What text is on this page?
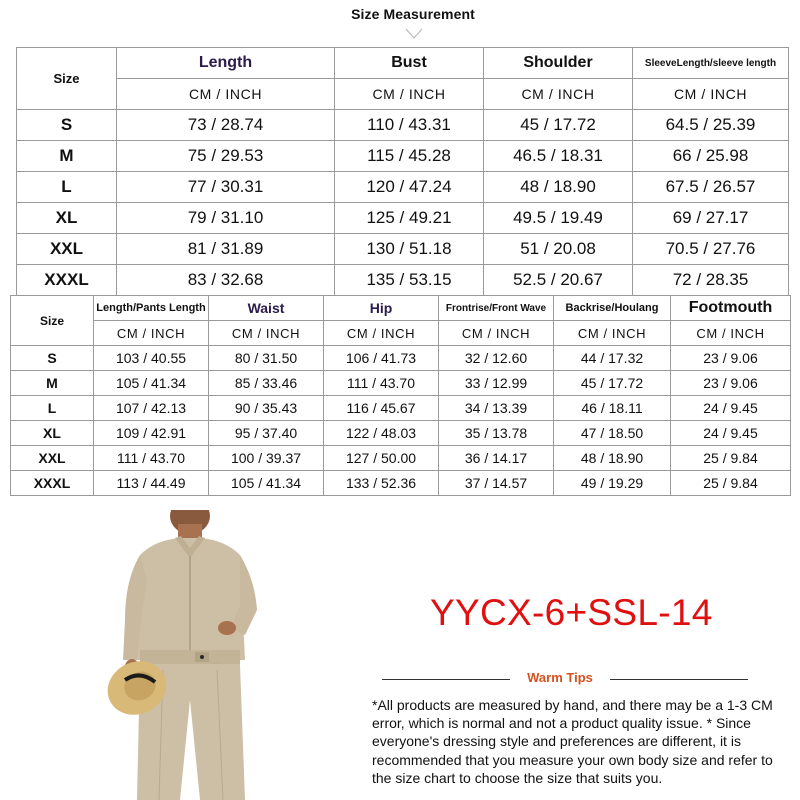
Size Measurement
Size	Length	Bust	Shoulder	SleeveLength/sleeve length
	CM / INCH	CM / INCH	CM / INCH	CM / INCH
S	73 / 28.74	110 / 43.31	45 / 17.72	64.5 / 25.39
M	75 / 29.53	115 / 45.28	46.5 / 18.31	66 / 25.98
L	77 / 30.31	120 / 47.24	48 / 18.90	67.5 / 26.57
XL	79 / 31.10	125 / 49.21	49.5 / 19.49	69 / 27.17
XXL	81 / 31.89	130 / 51.18	51 / 20.08	70.5 / 27.76
XXXL	83 / 32.68	135 / 53.15	52.5 / 20.67	72 / 28.35
Size	Length/Pants Length	Waist	Hip	Frontrise/Front Wave	Backrise/Houlang	Footmouth
	CM / INCH	CM / INCH	CM / INCH	CM / INCH	CM / INCH	CM / INCH
S	103 / 40.55	80 / 31.50	106 / 41.73	32 / 12.60	44 / 17.32	23 / 9.06
M	105 / 41.34	85 / 33.46	111 / 43.70	33 / 12.99	45 / 17.72	23 / 9.06
L	107 / 42.13	90 / 35.43	116 / 45.67	34 / 13.39	46 / 18.11	24 / 9.45
XL	109 / 42.91	95 / 37.40	122 / 48.03	35 / 13.78	47 / 18.50	24 / 9.45
XXL	111 / 43.70	100 / 39.37	127 / 50.00	36 / 14.17	48 / 18.90	25 / 9.84
XXXL	113 / 44.49	105 / 41.34	133 / 52.36	37 / 14.57	49 / 19.29	25 / 9.84
YYCX-6+SSL-14
Warm Tips
*All products are measured by hand, and there may be a 1-3 CM error, which is normal and not a product quality issue. * Since everyone's dressing style and preferences are different, it is recommended that you measure your own body size and refer to the size chart to choose the size that suits you.
